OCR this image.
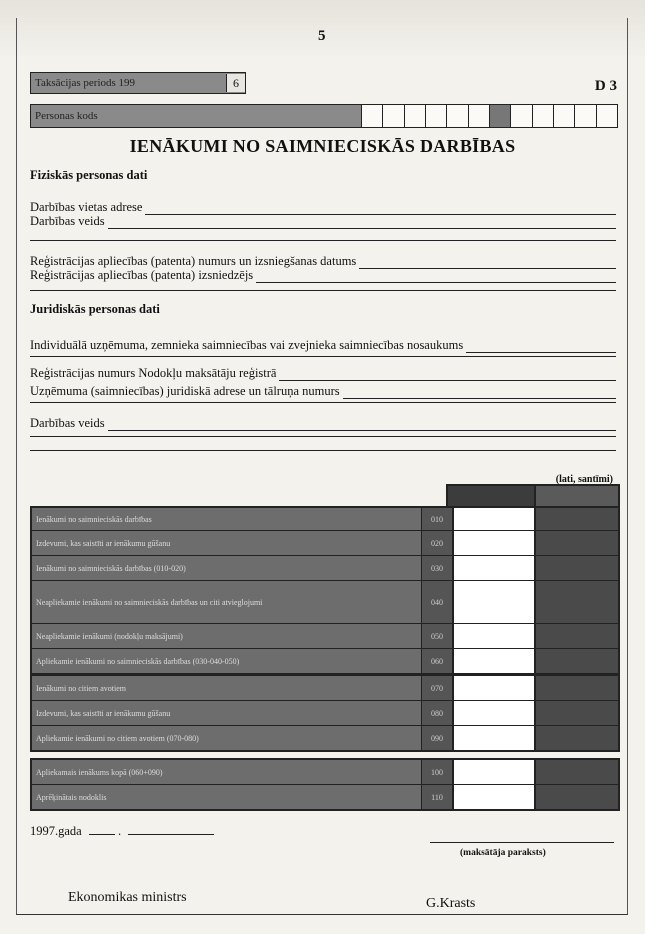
5
Taksācijas periods 199	6	D 3
Personas kods
IENĀKUMI NO SAIMNIECISKĀS DARBĪBAS
Fiziskās personas dati
Darbības vietas adrese
Darbības veids
Reģistrācijas apliecības (patenta) numurs un izsniegšanas datums
Reģistrācijas apliecības (patenta) izsniedzējs
Juridiskās personas dati
Individuālā uzņēmuma, zemnieka saimniecības vai zvejnieka saimniecības nosaukums
Reģistrācijas numurs Nodokļu maksātāju reģistrā
Uzņēmuma (saimniecības) juridiskā adrese un tālruņa numurs
Darbības veids
(lati, santīmi)
Ienākumi no saimnieciskās darbības	010
Izdevumi, kas saistīti ar ienākumu gūšanu	020
Ienākumi no saimnieciskās darbības (010-020)	030
Neapliekamie ienākumi no saimnieciskās darbības un citi atvieglojumi	040
Neapliekamie ienākumi (nodokļu maksājumi)	050
Apliekamie ienākumi no saimnieciskās darbības (030-040-050)	060
Ienākumi no citiem avotiem	070
Izdevumi, kas saistīti ar ienākumu gūšanu	080
Apliekamie ienākumi no citiem avotiem (070-080)	090
Apliekamais ienākums kopā (060+090)	100
Aprēķinātais nodoklis	110
1997.gada	.
(maksātāja paraksts)
Ekonomikas ministrs	G.Krasts
